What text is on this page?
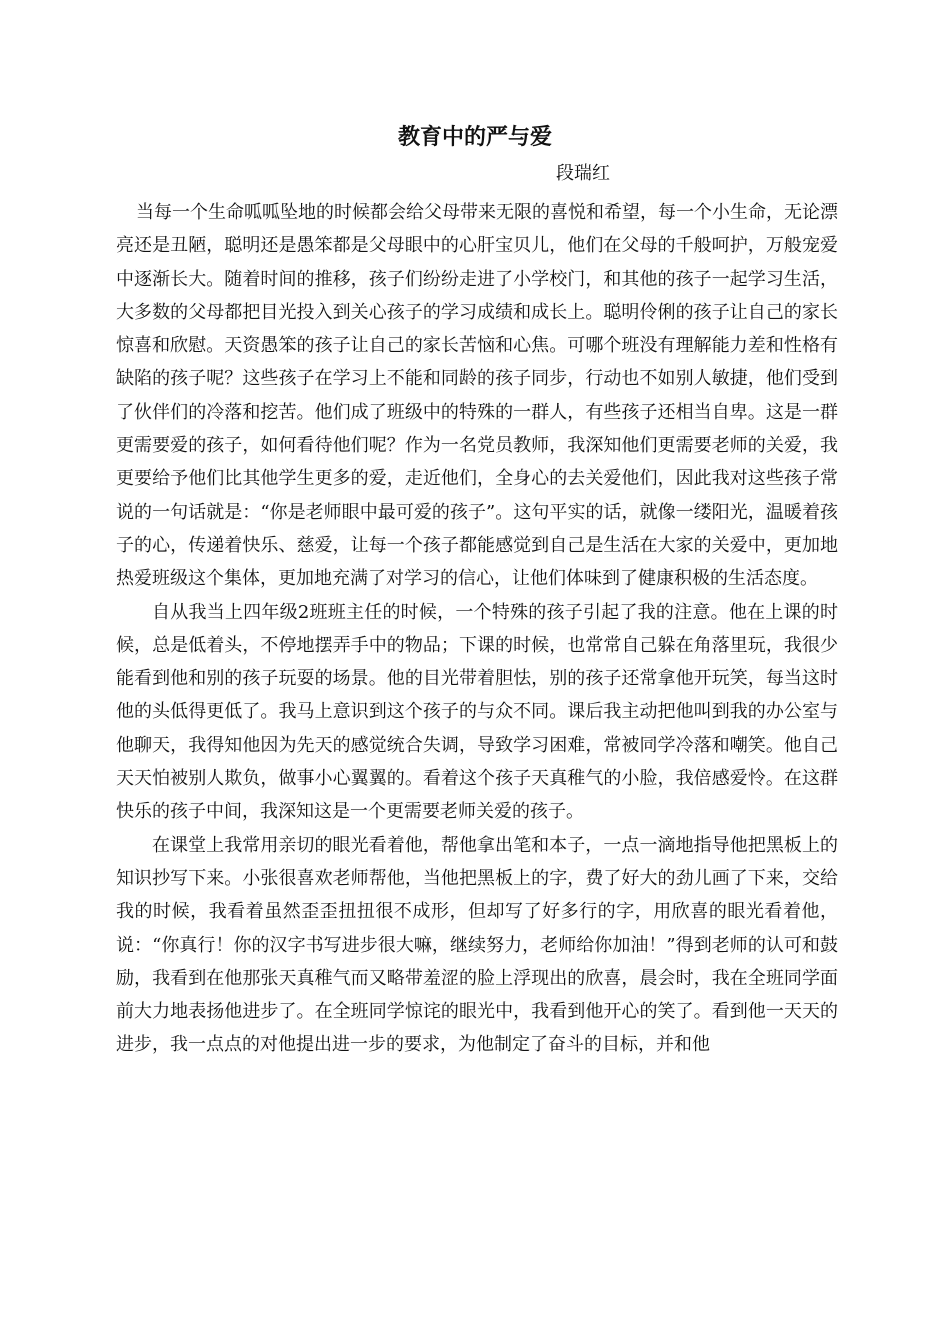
教育中的严与爱
段瑞红

当每一个生命呱呱坠地的时候都会给父母带来无限的喜悦和希望，每一个小生命，无论漂亮还是丑陋，聪明还是愚笨都是父母眼中的心肝宝贝儿，他们在父母的千般呵护，万般宠爱中逐渐长大。随着时间的推移，孩子们纷纷走进了小学校门，和其他的孩子一起学习生活，大多数的父母都把目光投入到关心孩子的学习成绩和成长上。聪明伶俐的孩子让自己的家长惊喜和欣慰。天资愚笨的孩子让自己的家长苦恼和心焦。可哪个班没有理解能力差和性格有缺陷的孩子呢？这些孩子在学习上不能和同龄的孩子同步，行动也不如别人敏捷，他们受到了伙伴们的冷落和挖苦。他们成了班级中的特殊的一群人，有些孩子还相当自卑。这是一群更需要爱的孩子，如何看待他们呢？作为一名党员教师，我深知他们更需要老师的关爱，我更要给予他们比其他学生更多的爱，走近他们，全身心的去关爱他们，因此我对这些孩子常说的一句话就是：“你是老师眼中最可爱的孩子”。这句平实的话，就像一缕阳光，温暖着孩子的心，传递着快乐、慈爱，让每一个孩子都能感觉到自己是生活在大家的关爱中，更加地热爱班级这个集体，更加地充满了对学习的信心，让他们体味到了健康积极的生活态度。

自从我当上四年级2班班主任的时候，一个特殊的孩子引起了我的注意。他在上课的时候，总是低着头，不停地摆弄手中的物品；下课的时候，也常常自己躲在角落里玩，我很少能看到他和别的孩子玩耍的场景。他的目光带着胆怯，别的孩子还常拿他开玩笑，每当这时他的头低得更低了。我马上意识到这个孩子的与众不同。课后我主动把他叫到我的办公室与他聊天，我得知他因为先天的感觉统合失调，导致学习困难，常被同学冷落和嘲笑。他自己天天怕被别人欺负，做事小心翼翼的。看着这个孩子天真稚气的小脸，我倍感爱怜。在这群快乐的孩子中间，我深知这是一个更需要老师关爱的孩子。

在课堂上我常用亲切的眼光看着他，帮他拿出笔和本子，一点一滴地指导他把黑板上的知识抄写下来。小张很喜欢老师帮他，当他把黑板上的字，费了好大的劲儿画了下来，交给我的时候，我看着虽然歪歪扭扭很不成形，但却写了好多行的字，用欣喜的眼光看着他，说：“你真行！你的汉字书写进步很大嘛，继续努力，老师给你加油！”得到老师的认可和鼓励，我看到在他那张天真稚气而又略带羞涩的脸上浮现出的欣喜，晨会时，我在全班同学面前大力地表扬他进步了。在全班同学惊诧的眼光中，我看到他开心的笑了。看到他一天天的进步，我一点点的对他提出进一步的要求，为他制定了奋斗的目标，并和他
